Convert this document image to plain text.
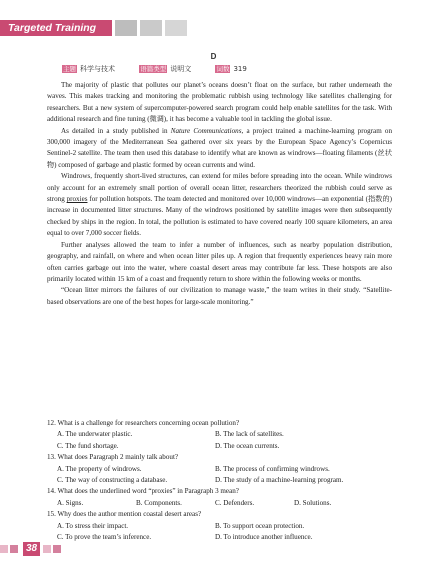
Targeted Training
D
主题 科学与技术	语篇类型 说明文	词数 319

The majority of plastic that pollutes our planet’s oceans doesn’t float on the surface, but rather underneath the waves. This makes tracking and monitoring the problematic rubbish using technology like satellites challenging for researchers. But a new system of supercomputer-powered search program could help enable satellites for the task. With additional research and fine tuning (微调), it has become a valuable tool in tackling the global issue.

As detailed in a study published in Nature Communications, a project trained a machine-learning program on 300,000 imagery of the Mediterranean Sea gathered over six years by the European Space Agency’s Copernicus Sentinel-2 satellite. The team then used this database to identify what are known as windrows—floating filaments (丝状物) composed of garbage and plastic formed by ocean currents and wind.

Windrows, frequently short-lived structures, can extend for miles before spreading into the ocean. While windrows only account for an extremely small portion of overall ocean litter, researchers theorized the rubbish could serve as strong proxies for pollution hotspots. The team detected and monitored over 10,000 windrows—an exponential (指数的) increase in documented litter structures. Many of the windrows positioned by satellite images were then subsequently checked by ships in the region. In total, the pollution is estimated to have covered nearly 100 square kilometers, an area equal to over 7,000 soccer fields.

Further analyses allowed the team to infer a number of influences, such as nearby population distribution, geography, and rainfall, on where and when ocean litter piles up. A region that frequently experiences heavy rain more often carries garbage out into the water, where coastal desert areas may contribute far less. These hotspots are also primarily located within 15 km of a coast and frequently return to shore within the following weeks or months.

“Ocean litter mirrors the failures of our civilization to manage waste,” the team writes in their study. “Satellite-based observations are one of the best hopes for large-scale monitoring.”

12. What is a challenge for researchers concerning ocean pollution?

A. The underwater plastic.	B. The lack of satellites.
C. The fund shortage.	D. The ocean currents.

13. What does Paragraph 2 mainly talk about?

A. The property of windrows.	B. The process of confirming windrows.
C. The way of constructing a database.	D. The study of a machine-learning program.

14. What does the underlined word “proxies” in Paragraph 3 mean?

A. Signs.	B. Components.	C. Defenders.	D. Solutions.

15. Why does the author mention coastal desert areas?

A. To stress their impact.	B. To support ocean protection.
C. To prove the team’s inference.	D. To introduce another influence.
38
